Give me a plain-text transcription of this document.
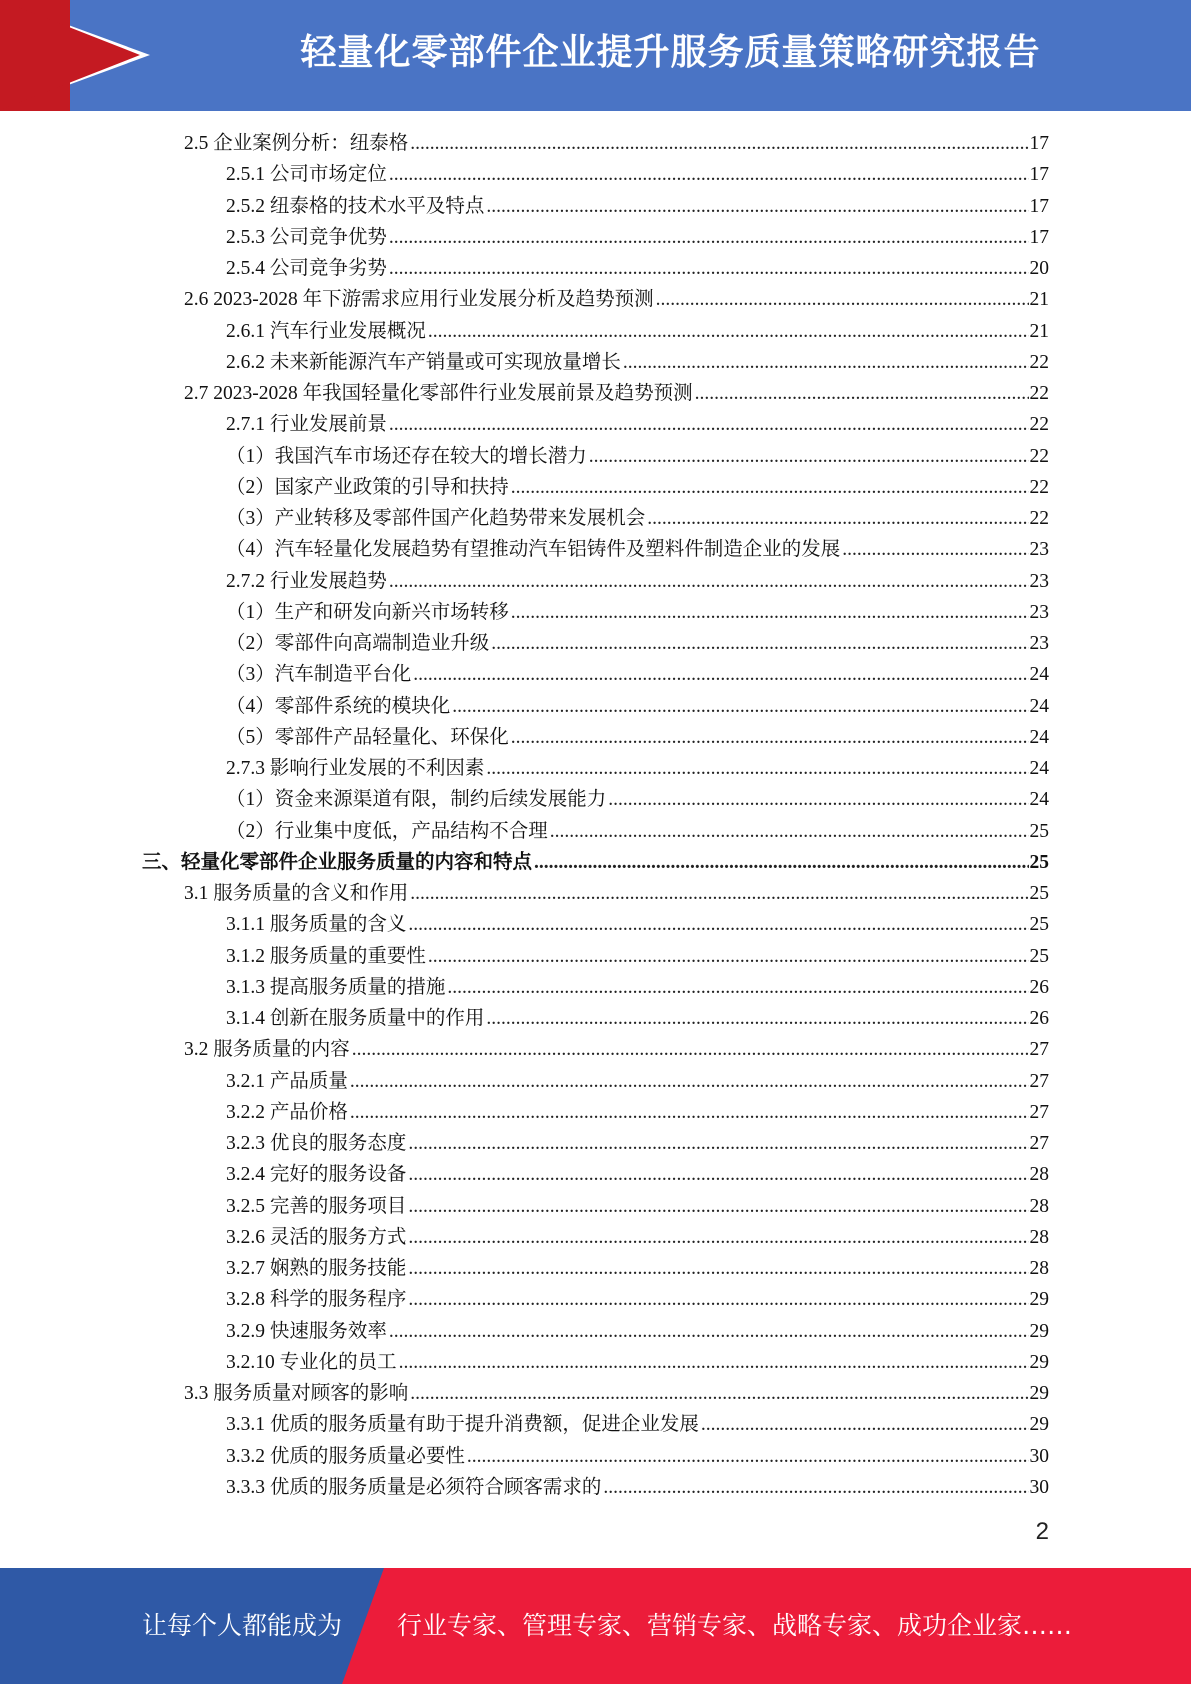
轻量化零部件企业提升服务质量策略研究报告
2.5 企业案例分析：纽泰格 .....	17
2.5.1 公司市场定位 .....	17
2.5.2 纽泰格的技术水平及特点 .....	17
2.5.3 公司竞争优势 .....	17
2.5.4 公司竞争劣势 .....	20
2.6 2023-2028 年下游需求应用行业发展分析及趋势预测 .....	21
2.6.1 汽车行业发展概况 .....	21
2.6.2 未来新能源汽车产销量或可实现放量增长 .....	22
2.7 2023-2028 年我国轻量化零部件行业发展前景及趋势预测 .....	22
2.7.1 行业发展前景 .....	22
（1）我国汽车市场还存在较大的增长潜力 .....	22
（2）国家产业政策的引导和扶持 .....	22
（3）产业转移及零部件国产化趋势带来发展机会 .....	22
（4）汽车轻量化发展趋势有望推动汽车铝铸件及塑料件制造企业的发展 .....	23
2.7.2 行业发展趋势 .....	23
（1）生产和研发向新兴市场转移 .....	23
（2）零部件向高端制造业升级 .....	23
（3）汽车制造平台化 .....	24
（4）零部件系统的模块化 .....	24
（5）零部件产品轻量化、环保化 .....	24
2.7.3 影响行业发展的不利因素 .....	24
（1）资金来源渠道有限，制约后续发展能力 .....	24
（2）行业集中度低，产品结构不合理 .....	25
三、轻量化零部件企业服务质量的内容和特点 .....	25
3.1 服务质量的含义和作用 .....	25
3.1.1 服务质量的含义 .....	25
3.1.2 服务质量的重要性 .....	25
3.1.3 提高服务质量的措施 .....	26
3.1.4 创新在服务质量中的作用 .....	26
3.2 服务质量的内容 .....	27
3.2.1 产品质量 .....	27
3.2.2 产品价格 .....	27
3.2.3 优良的服务态度 .....	27
3.2.4 完好的服务设备 .....	28
3.2.5 完善的服务项目 .....	28
3.2.6 灵活的服务方式 .....	28
3.2.7 娴熟的服务技能 .....	28
3.2.8 科学的服务程序 .....	29
3.2.9 快速服务效率 .....	29
3.2.10 专业化的员工 .....	29
3.3 服务质量对顾客的影响 .....	29
3.3.1 优质的服务质量有助于提升消费额，促进企业发展 .....	29
3.3.2 优质的服务质量必要性 .....	30
3.3.3 优质的服务质量是必须符合顾客需求的 .....	30
2
让每个人都能成为 行业专家、管理专家、营销专家、战略专家、成功企业家……
